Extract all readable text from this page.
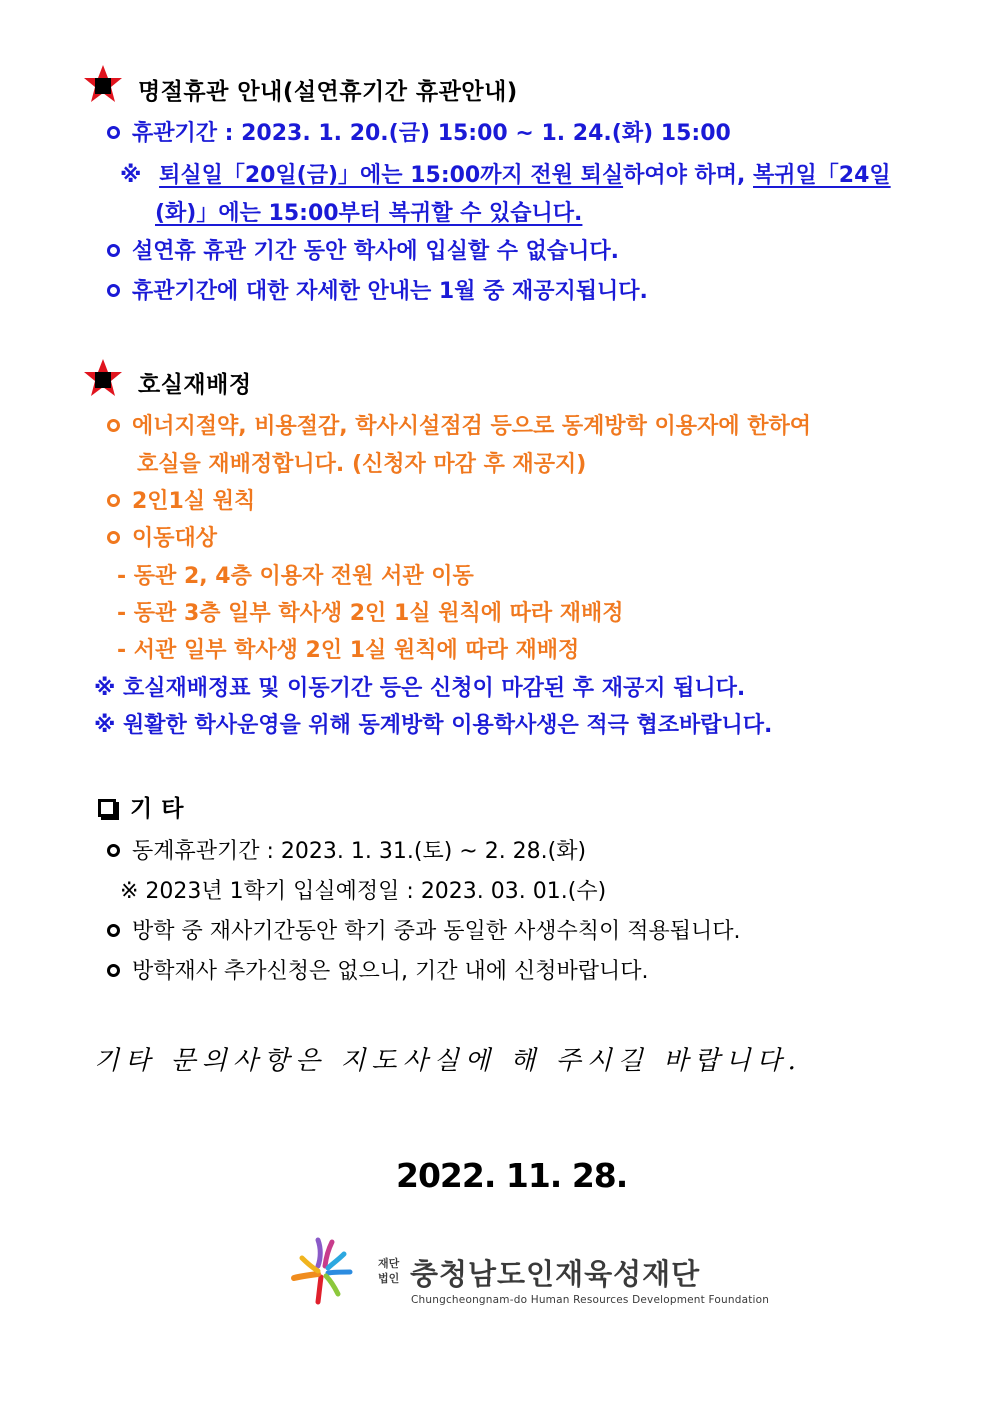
명절휴관 안내(설연휴기간 휴관안내)
휴관기간 : 2023. 1. 20.(금) 15:00 ~ 1. 24.(화) 15:00
※ 퇴실일「20일(금)」에는 15:00까지 전원 퇴실하여야 하며, 복귀일「24일
(화)」에는 15:00부터 복귀할 수 있습니다.
설연휴 휴관 기간 동안 학사에 입실할 수 없습니다.
휴관기간에 대한 자세한 안내는 1월 중 재공지됩니다.
호실재배정
에너지절약, 비용절감, 학사시설점검 등으로 동계방학 이용자에 한하여
호실을 재배정합니다. (신청자 마감 후 재공지)
2인1실 원칙
이동대상
- 동관 2, 4층 이용자 전원 서관 이동
- 동관 3층 일부 학사생 2인 1실 원칙에 따라 재배정
- 서관 일부 학사생 2인 1실 원칙에 따라 재배정
※ 호실재배정표 및 이동기간 등은 신청이 마감된 후 재공지 됩니다.
※ 원활한 학사운영을 위해 동계방학 이용학사생은 적극 협조바랍니다.
기 타
동계휴관기간 : 2023. 1. 31.(토) ~ 2. 28.(화)
※ 2023년 1학기 입실예정일 : 2023. 03. 01.(수)
방학 중 재사기간동안 학기 중과 동일한 사생수칙이 적용됩니다.
방학재사 추가신청은 없으니, 기간 내에 신청바랍니다.
기타 문의사항은 지도사실에 해 주시길 바랍니다.
2022. 11. 28.
재단
법인 충청남도인재육성재단
Chungcheongnam-do Human Resources Development Foundation
